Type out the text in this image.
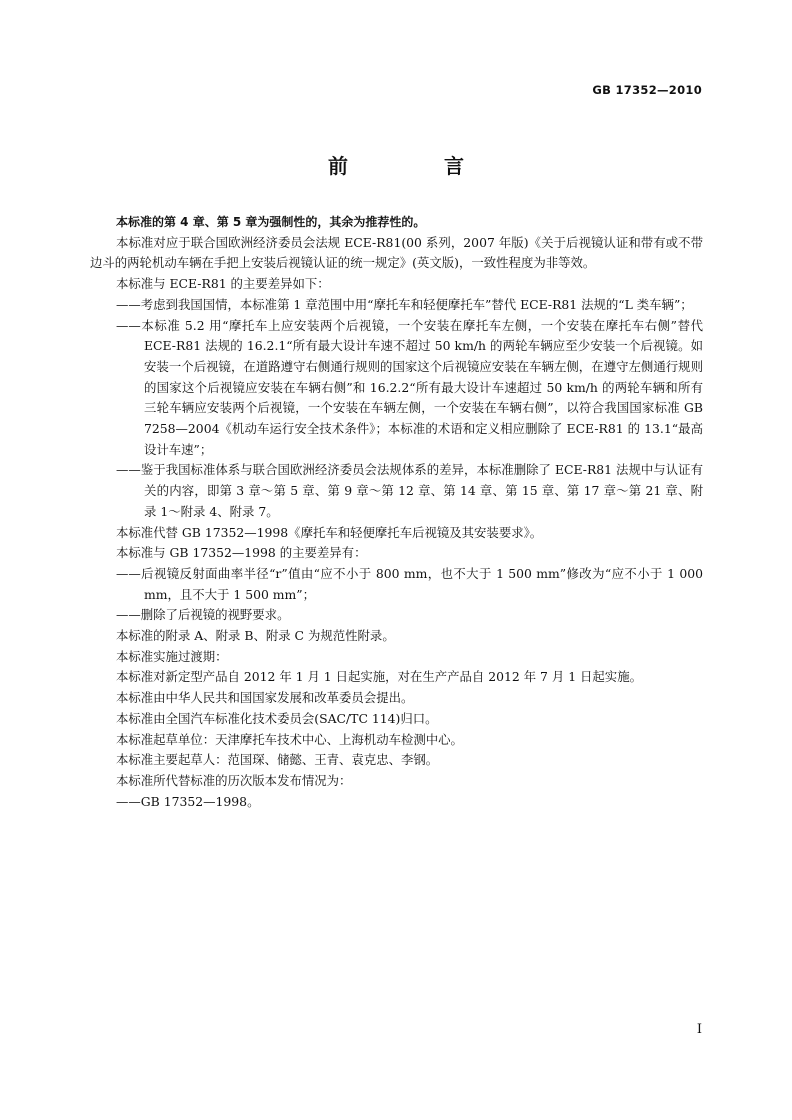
GB 17352—2010
前　言

本标准的第 4 章、第 5 章为强制性的，其余为推荐性的。

本标准对应于联合国欧洲经济委员会法规 ECE-R81(00 系列，2007 年版)《关于后视镜认证和带有或不带边斗的两轮机动车辆在手把上安装后视镜认证的统一规定》(英文版)，一致性程度为非等效。

本标准与 ECE-R81 的主要差异如下：

——考虑到我国国情，本标准第 1 章范围中用“摩托车和轻便摩托车”替代 ECE-R81 法规的“L 类车辆”；

——本标准 5.2 用“摩托车上应安装两个后视镜，一个安装在摩托车左侧，一个安装在摩托车右侧”替代 ECE-R81 法规的 16.2.1“所有最大设计车速不超过 50 km/h 的两轮车辆应至少安装一个后视镜。如安装一个后视镜，在道路遵守右侧通行规则的国家这个后视镜应安装在车辆左侧，在遵守左侧通行规则的国家这个后视镜应安装在车辆右侧”和 16.2.2“所有最大设计车速超过 50 km/h 的两轮车辆和所有三轮车辆应安装两个后视镜，一个安装在车辆左侧，一个安装在车辆右侧”，以符合我国国家标准 GB 7258—2004《机动车运行安全技术条件》；本标准的术语和定义相应删除了 ECE-R81 的 13.1“最高设计车速”；

——鉴于我国标准体系与联合国欧洲经济委员会法规体系的差异，本标准删除了 ECE-R81 法规中与认证有关的内容，即第 3 章～第 5 章、第 9 章～第 12 章、第 14 章、第 15 章、第 17 章～第 21 章、附录 1～附录 4、附录 7。

本标准代替 GB 17352—1998《摩托车和轻便摩托车后视镜及其安装要求》。

本标准与 GB 17352—1998 的主要差异有：

——后视镜反射面曲率半径“r”值由“应不小于 800 mm，也不大于 1 500 mm”修改为“应不小于 1 000 mm，且不大于 1 500 mm”；

——删除了后视镜的视野要求。

本标准的附录 A、附录 B、附录 C 为规范性附录。

本标准实施过渡期：

本标准对新定型产品自 2012 年 1 月 1 日起实施，对在生产产品自 2012 年 7 月 1 日起实施。

本标准由中华人民共和国国家发展和改革委员会提出。

本标准由全国汽车标准化技术委员会(SAC/TC 114)归口。

本标准起草单位：天津摩托车技术中心、上海机动车检测中心。

本标准主要起草人：范国琛、储懿、王青、袁克忠、李钢。

本标准所代替标准的历次版本发布情况为：

——GB 17352—1998。

I
